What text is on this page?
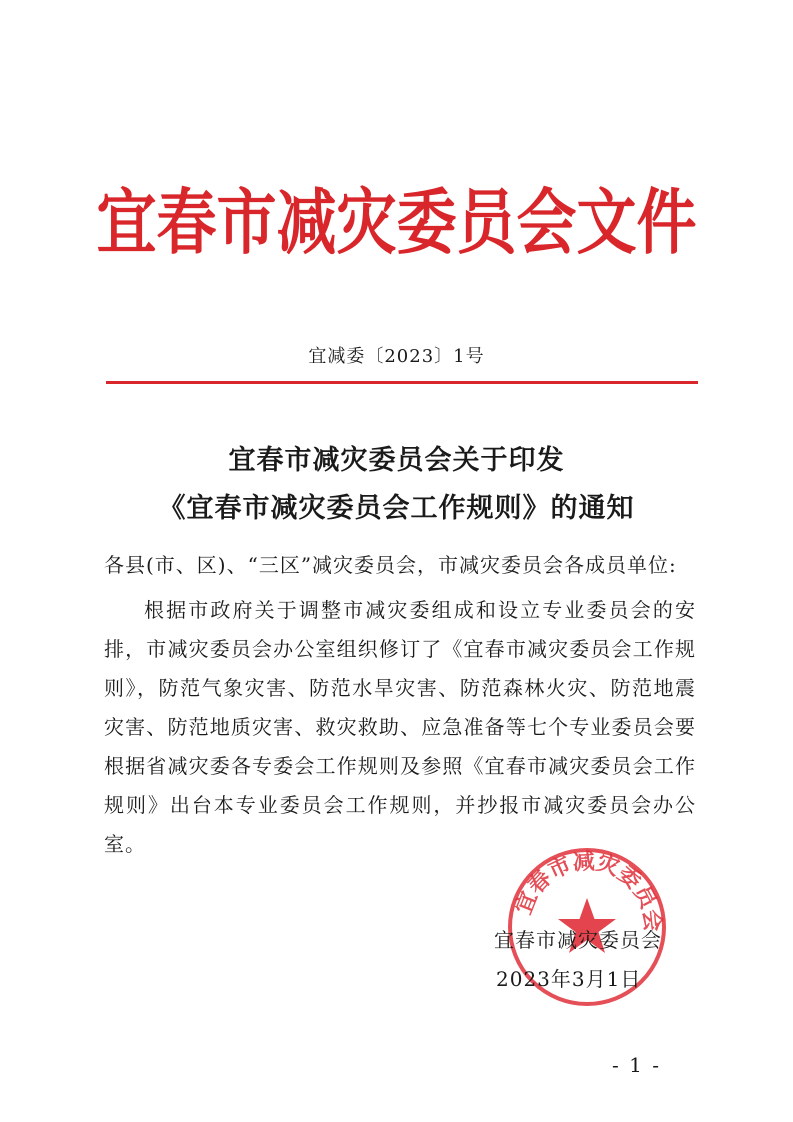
宜春市减灾委员会文件
宜减委〔2023〕1号
宜春市减灾委员会关于印发
《宜春市减灾委员会工作规则》的通知
各县(市、区)、“三区”减灾委员会，市减灾委员会各成员单位:

根据市政府关于调整市减灾委组成和设立专业委员会的安排，市减灾委员会办公室组织修订了《宜春市减灾委员会工作规则》，防范气象灾害、防范水旱灾害、防范森林火灾、防范地震灾害、防范地质灾害、救灾救助、应急准备等七个专业委员会要根据省减灾委各专委会工作规则及参照《宜春市减灾委员会工作规则》出台本专业委员会工作规则，并抄报市减灾委员会办公室。

宜春市减灾委员会
宜春市减灾委员会
2023年3月1日
- 1 -
